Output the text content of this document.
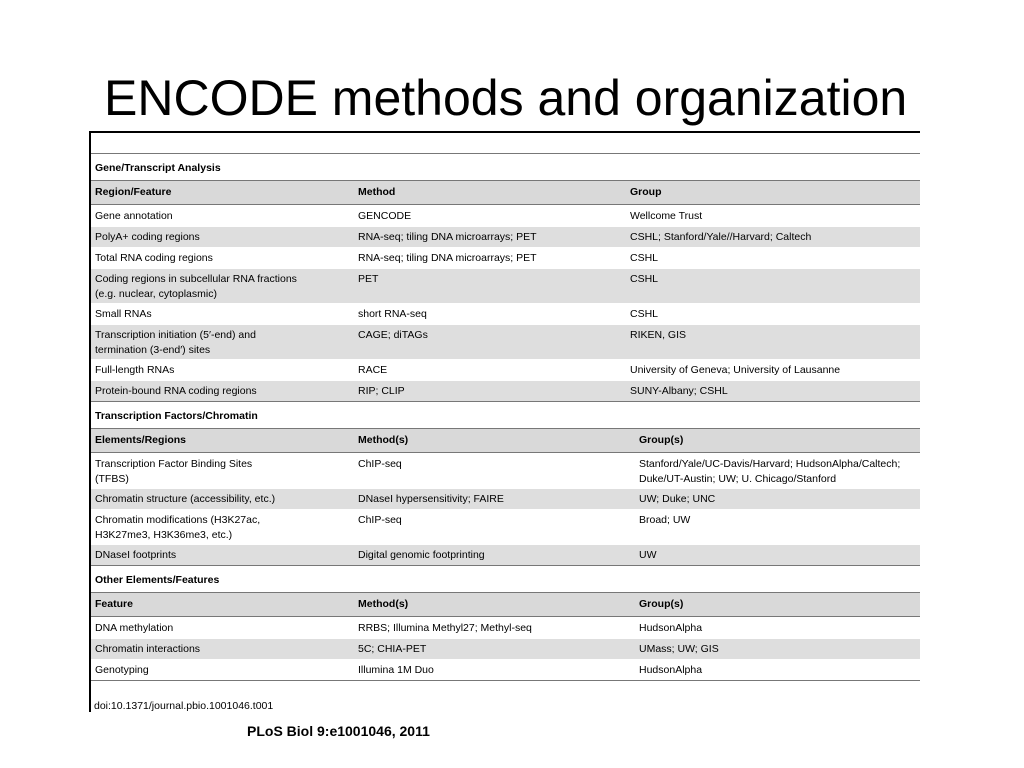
ENCODE methods and organization
Gene/Transcript Analysis
Region/Feature	Method	Group
Gene annotation	GENCODE	Wellcome Trust
PolyA+ coding regions	RNA-seq; tiling DNA microarrays; PET	CSHL; Stanford/Yale//Harvard; Caltech
Total RNA coding regions	RNA-seq; tiling DNA microarrays; PET	CSHL
Coding regions in subcellular RNA fractions
(e.g. nuclear, cytoplasmic)
PET	CSHL
Small RNAs	short RNA-seq	CSHL
Transcription initiation (5′-end) and
termination (3-end′) sites
CAGE; diTAGs	RIKEN, GIS
Full-length RNAs	RACE	University of Geneva; University of Lausanne
Protein-bound RNA coding regions	RIP; CLIP	SUNY-Albany; CSHL
Transcription Factors/Chromatin
Elements/Regions	Method(s)	Group(s)
Transcription Factor Binding Sites
(TFBS)
ChIP-seq	Stanford/Yale/UC-Davis/Harvard; HudsonAlpha/Caltech;
Duke/UT-Austin; UW; U. Chicago/Stanford
Chromatin structure (accessibility, etc.)	DNaseI hypersensitivity; FAIRE	UW; Duke; UNC
Chromatin modifications (H3K27ac,
H3K27me3, H3K36me3, etc.)
ChIP-seq	Broad; UW
DNaseI footprints	Digital genomic footprinting	UW
Other Elements/Features
Feature	Method(s)	Group(s)
DNA methylation	RRBS; Illumina Methyl27; Methyl-seq	HudsonAlpha
Chromatin interactions	5C; CHIA-PET	UMass; UW; GIS
Genotyping	Illumina 1M Duo	HudsonAlpha
doi:10.1371/journal.pbio.1001046.t001
PLoS Biol 9:e1001046, 2011
